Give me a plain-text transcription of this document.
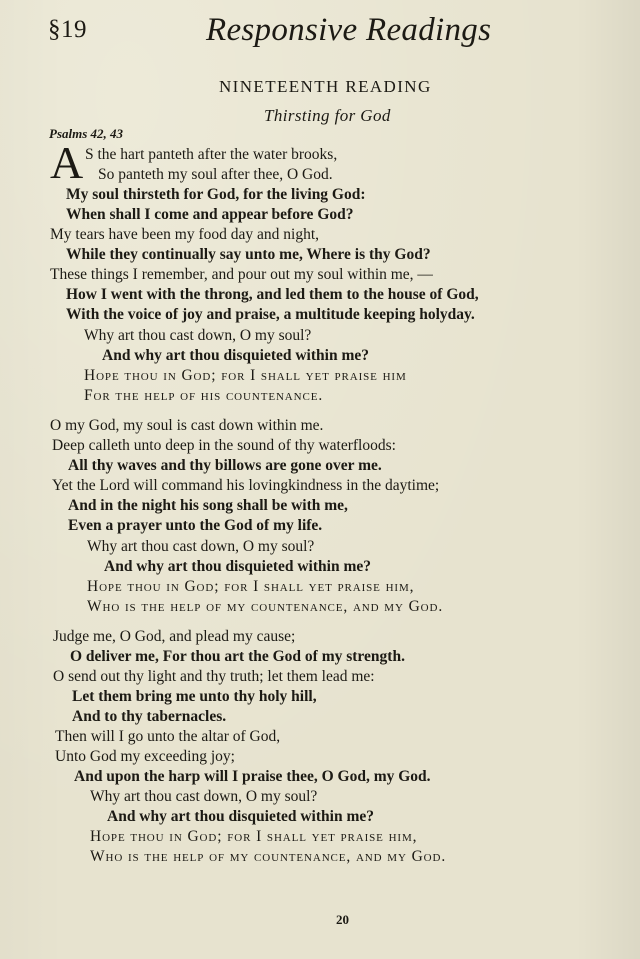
§19	Responsive Readings
NINETEENTH READING
Thirsting for God
Psalms 42, 43
A S the hart panteth after the water brooks,
So panteth my soul after thee, O God.
My soul thirsteth for God, for the living God:
When shall I come and appear before God?
My tears have been my food day and night,
While they continually say unto me, Where is thy God?
These things I remember, and pour out my soul within me, —
How I went with the throng, and led them to the house of God,
With the voice of joy and praise, a multitude keeping holyday.
Why art thou cast down, O my soul?
And why art thou disquieted within me?
Hope thou in God; for I shall yet praise him
For the help of his countenance.
O my God, my soul is cast down within me.
Deep calleth unto deep in the sound of thy waterfloods:
All thy waves and thy billows are gone over me.
Yet the Lord will command his lovingkindness in the daytime;
And in the night his song shall be with me,
Even a prayer unto the God of my life.
Why art thou cast down, O my soul?
And why art thou disquieted within me?
Hope thou in God; for I shall yet praise him,
Who is the help of my countenance, and my God.
Judge me, O God, and plead my cause;
O deliver me, For thou art the God of my strength.
O send out thy light and thy truth; let them lead me:
Let them bring me unto thy holy hill,
And to thy tabernacles.
Then will I go unto the altar of God,
Unto God my exceeding joy;
And upon the harp will I praise thee, O God, my God.
Why art thou cast down, O my soul?
And why art thou disquieted within me?
Hope thou in God; for I shall yet praise him,
Who is the help of my countenance, and my God.
20
